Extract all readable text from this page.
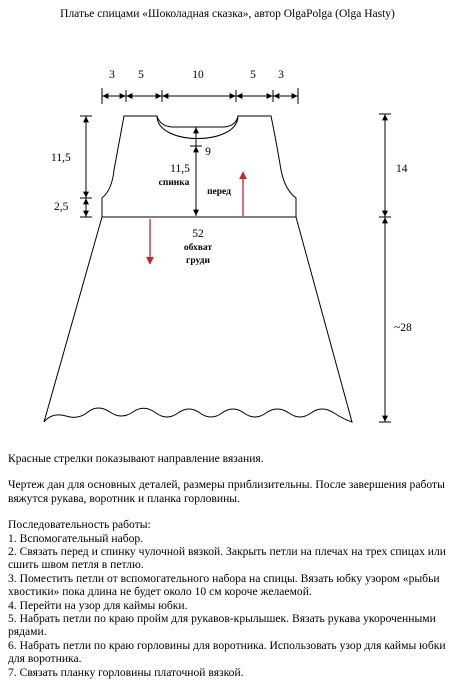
Платье спицами «Шоколадная сказка», автор OlgaPolga (Olga Hasty)
3 5	10	5 3
11,5
2,5
14
~28
11,5
спинка
9
перед
52
обхват
груди

Красные стрелки показывают направление вязания.

Чертеж дан для основных деталей, размеры приблизительны. После завершения работы вяжутся рукава, воротник и планка горловины.

Последовательность работы:

1. Вспомогательный набор.

2. Связать перед и спинку чулочной вязкой. Закрыть петли на плечах на трех спицах или сшить швом петля в петлю.

3. Поместить петли от вспомогательного набора на спицы. Вязать юбку узором «рыбьи хвостики» пока длина не будет около 10 см короче желаемой.

4. Перейти на узор для каймы юбки.

5. Набрать петли по краю пройм для рукавов-крылышек. Вязать рукава укороченными рядами.

6. Набрать петли по краю горловины для воротника. Использовать узор для каймы юбки для воротника.

7. Связать планку горловины платочной вязкой.
